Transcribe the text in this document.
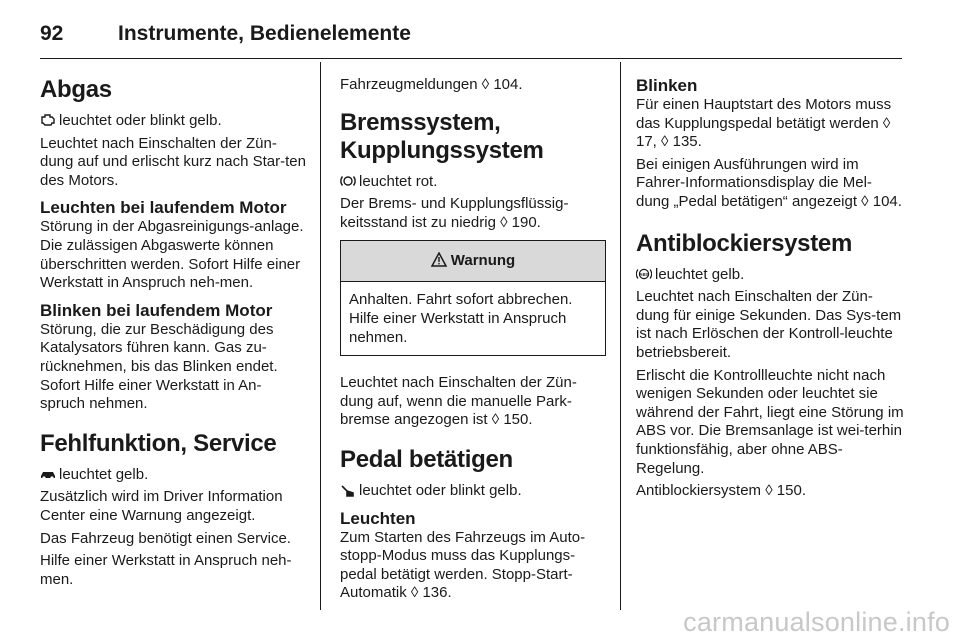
92	Instrumente, Bedienelemente
Abgas

leuchtet oder blinkt gelb.

Leuchtet nach Einschalten der Zün-dung auf und erlischt kurz nach Star-ten des Motors.

Leuchten bei laufendem Motor

Störung in der Abgasreinigungs-anlage. Die zulässigen Abgaswerte können überschritten werden. Sofort Hilfe einer Werkstatt in Anspruch neh-men.

Blinken bei laufendem Motor

Störung, die zur Beschädigung des Katalysators führen kann. Gas zu-rücknehmen, bis das Blinken endet. Sofort Hilfe einer Werkstatt in An-spruch nehmen.

Fehlfunktion, Service

leuchtet gelb.

Zusätzlich wird im Driver Information Center eine Warnung angezeigt.

Das Fahrzeug benötigt einen Service.

Hilfe einer Werkstatt in Anspruch neh-men.

Fahrzeugmeldungen ◊ 104.

Bremssystem, Kupplungssystem

leuchtet rot.

Der Brems- und Kupplungsflüssig-keitsstand ist zu niedrig ◊ 190.

Warnung
Anhalten. Fahrt sofort abbrechen. Hilfe einer Werkstatt in Anspruch nehmen.

Leuchtet nach Einschalten der Zün-dung auf, wenn die manuelle Park-bremse angezogen ist ◊ 150.

Pedal betätigen

leuchtet oder blinkt gelb.

Leuchten

Zum Starten des Fahrzeugs im Auto-stopp-Modus muss das Kupplungs-pedal betätigt werden. Stopp-Start-Automatik ◊ 136.

Blinken

Für einen Hauptstart des Motors muss das Kupplungspedal betätigt werden ◊ 17, ◊ 135.

Bei einigen Ausführungen wird im Fahrer-Informationsdisplay die Mel-dung „Pedal betätigen“ angezeigt ◊ 104.

Antiblockiersystem

ABS leuchtet gelb.

Leuchtet nach Einschalten der Zün-dung für einige Sekunden. Das Sys-tem ist nach Erlöschen der Kontroll-leuchte betriebsbereit.

Erlischt die Kontrollleuchte nicht nach wenigen Sekunden oder leuchtet sie während der Fahrt, liegt eine Störung im ABS vor. Die Bremsanlage ist wei-terhin funktionsfähig, aber ohne ABS-Regelung.

Antiblockiersystem ◊ 150.

carmanualsonline.info
